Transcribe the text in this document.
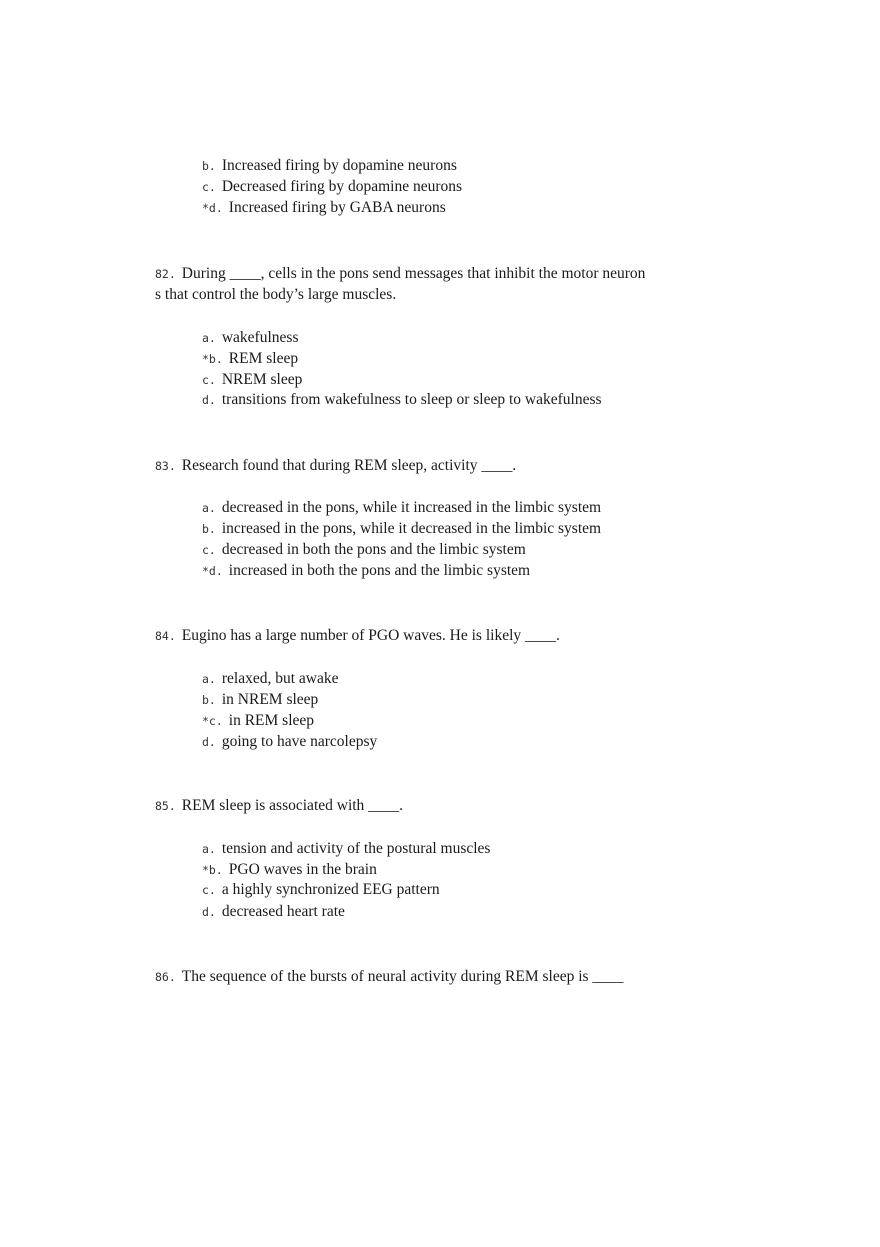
b. Increased firing by dopamine neurons
c. Decreased firing by dopamine neurons
*d. Increased firing by GABA neurons
82. During ____, cells in the pons send messages that inhibit the motor neuron
s that control the body’s large muscles.
a. wakefulness
*b. REM sleep
c. NREM sleep
d. transitions from wakefulness to sleep or sleep to wakefulness
83. Research found that during REM sleep, activity ____.
a. decreased in the pons, while it increased in the limbic system
b. increased in the pons, while it decreased in the limbic system
c. decreased in both the pons and the limbic system
*d. increased in both the pons and the limbic system
84. Eugino has a large number of PGO waves. He is likely ____.
a. relaxed, but awake
b. in NREM sleep
*c. in REM sleep
d. going to have narcolepsy
85. REM sleep is associated with ____.
a. tension and activity of the postural muscles
*b. PGO waves in the brain
c. a highly synchronized EEG pattern
d. decreased heart rate
86. The sequence of the bursts of neural activity during REM sleep is ____
